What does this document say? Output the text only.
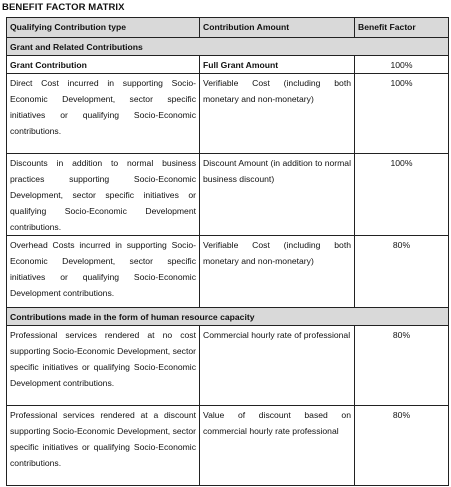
BENEFIT FACTOR MATRIX
Qualifying Contribution type	Contribution Amount	Benefit Factor
Grant and Related Contributions		
Grant Contribution	Full Grant Amount	100%
Direct Cost incurred in supporting Socio-Economic Development, sector specific initiatives or qualifying Socio-Economic contributions.	Verifiable Cost (including both monetary and non-monetary)	100%
Discounts in addition to normal business practices supporting Socio-Economic Development, sector specific initiatives or qualifying Socio-Economic Development contributions.	Discount Amount (in addition to normal business discount)	100%
Overhead Costs incurred in supporting Socio-Economic Development, sector specific initiatives or qualifying Socio-Economic Development contributions.	Verifiable Cost (including both monetary and non-monetary)	80%
Contributions made in the form of human resource capacity		
Professional services rendered at no cost supporting Socio-Economic Development, sector specific initiatives or qualifying Socio-Economic Development contributions.	Commercial hourly rate of professional	80%
Professional services rendered at a discount supporting Socio-Economic Development, sector specific initiatives or qualifying Socio-Economic contributions.	Value of discount based on commercial hourly rate professional	80%
